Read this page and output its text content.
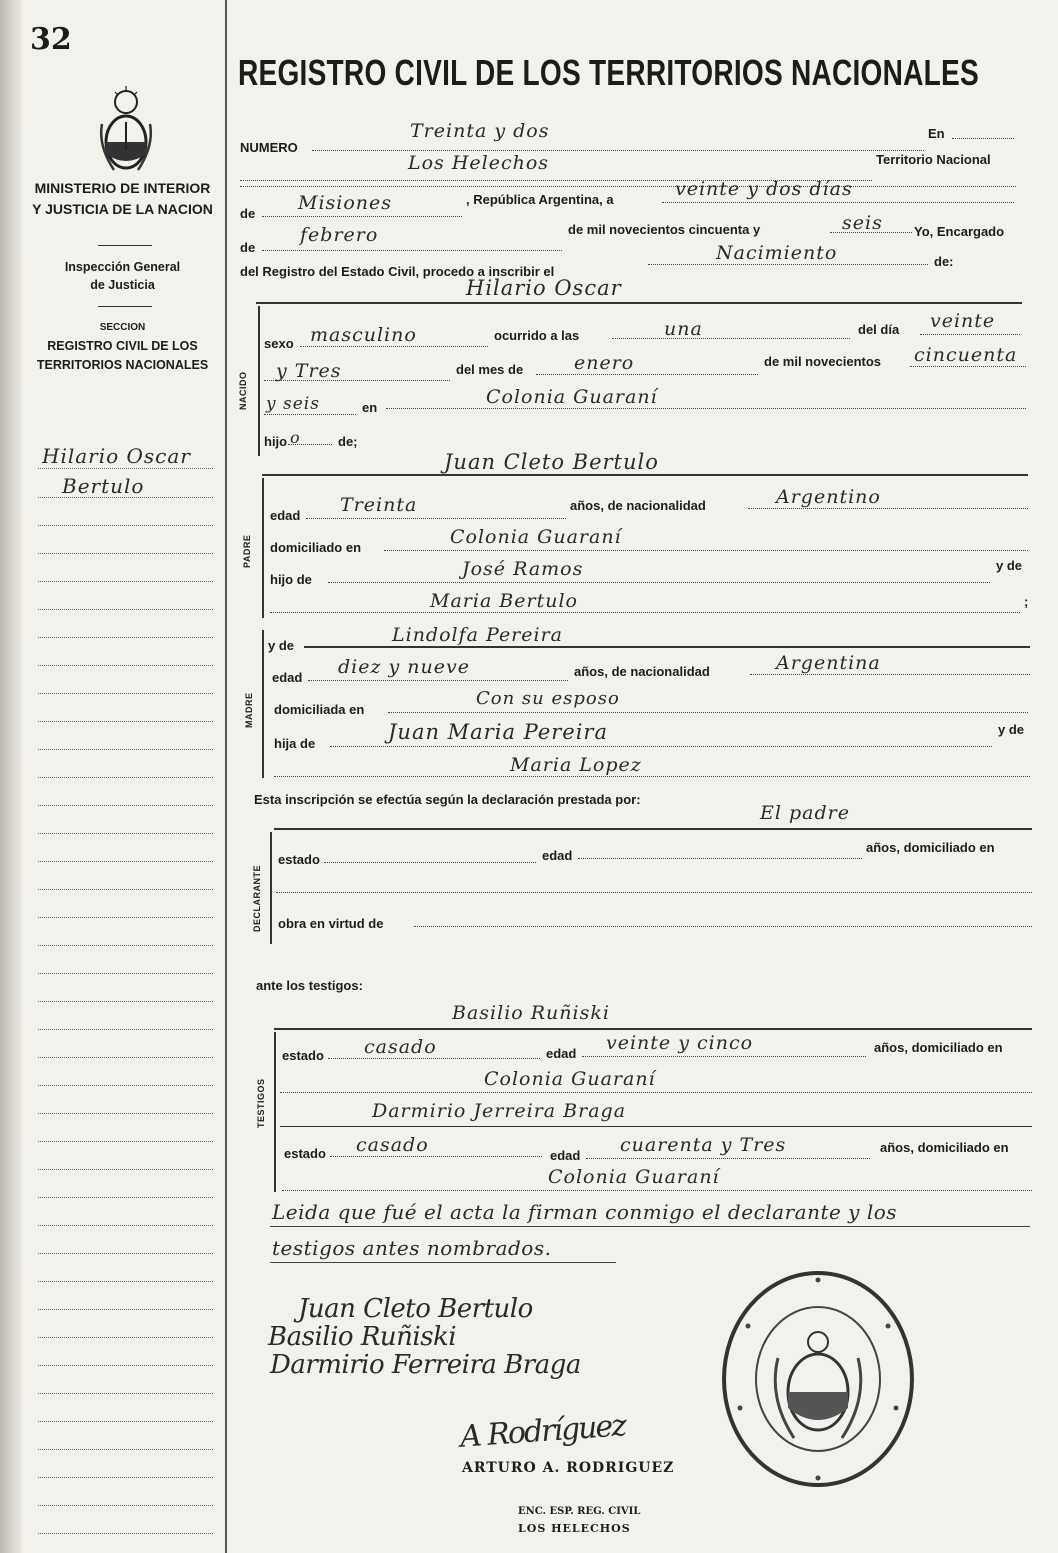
32
MINISTERIO DE INTERIOR
Y JUSTICIA DE LA NACION
Inspección General
de Justicia
SECCION
REGISTRO CIVIL DE LOS
TERRITORIOS NACIONALES
Hilario Oscar
Bertulo
REGISTRO CIVIL DE LOS TERRITORIOS NACIONALES
NUMERO
Treinta y dos	En
Los Helechos	Territorio Nacional
de Misiones	, República Argentina, a	veinte y dos días
de
febrero	de mil novecientos cincuenta y	seis Yo, Encargado
del Registro del Estado Civil, procedo a inscribir el
Nacimiento	de:
Hilario Oscar
NACIDO
sexo masculino	ocurrido a las	una	del día veinte
y Tres	del mes de	enero	de mil novecientos cincuenta
y seis	en	Colonia Guaraní
hijo o	de;
Juan Cleto Bertulo
PADRE
edad Treinta	años, de nacionalidad	Argentino
domiciliado en	Colonia Guaraní
hijo de	José Ramos	y de
Maria Bertulo	;
y de	Lindolfa Pereira
MADRE
edad diez y nueve	años, de nacionalidad	Argentina
domiciliada en
Con su esposo
hija de	Juan Maria Pereira	y de
Maria Lopez
Esta inscripción se efectúa según la declaración prestada por:
El padre
DECLARANTE
estado	edad
años, domiciliado en
obra en virtud de
ante los testigos:
Basilio Ruñiski
TESTIGOS
estado casado	edad veinte y cinco	años, domiciliado en
Colonia Guaraní
Darmirio Jerreira Braga
estado casado	edad cuarenta y Tres	años, domiciliado en
Colonia Guaraní
Leida que fué el acta la firman conmigo el declarante y los
testigos antes nombrados.
Juan Cleto Bertulo
Basilio Ruñiski
Darmirio Ferreira Braga
A Rodríguez
ARTURO A. RODRIGUEZ
ENC. ESP. REG. CIVIL
LOS HELECHOS
